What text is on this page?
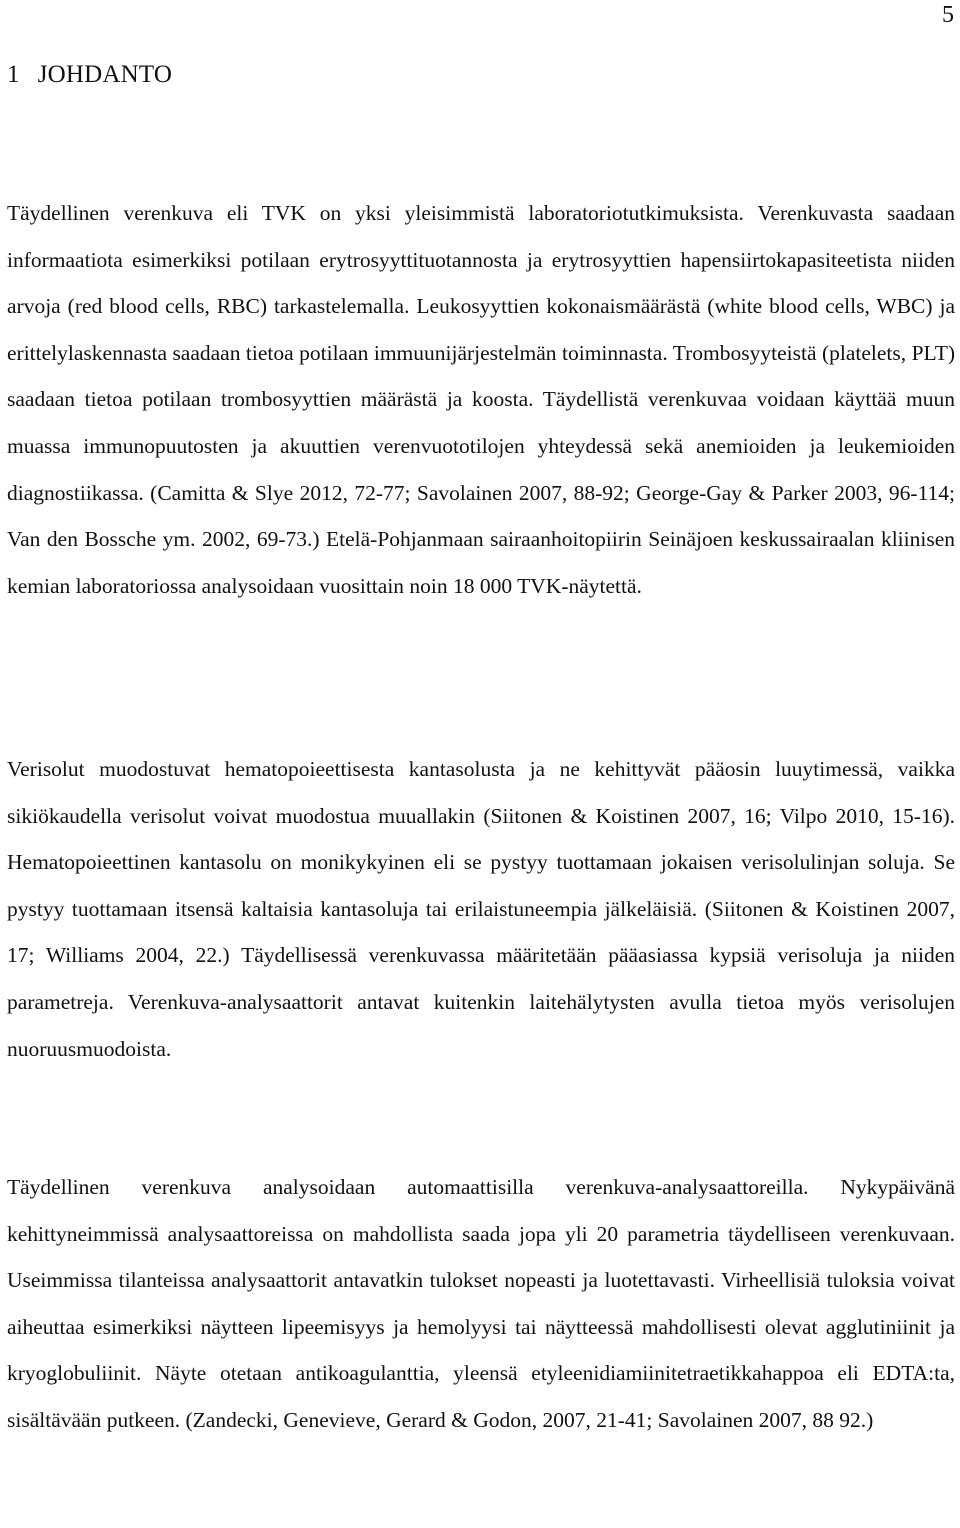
5
1 JOHDANTO

Täydellinen verenkuva eli TVK on yksi yleisimmistä laboratoriotutkimuksista. Verenkuvasta saadaan informaatiota esimerkiksi potilaan erytrosyyttituotannosta ja erytrosyyttien hapensiirtokapasiteetista niiden arvoja (red blood cells, RBC) tarkastelemalla. Leukosyyttien kokonaismäärästä (white blood cells, WBC) ja erittelylaskennasta saadaan tietoa potilaan immuunijärjestelmän toiminnasta. Trombosyyteistä (platelets, PLT) saadaan tietoa potilaan trombosyyttien määrästä ja koosta. Täydellistä verenkuvaa voidaan käyttää muun muassa immunopuutosten ja akuuttien verenvuototilojen yhteydessä sekä anemioiden ja leukemioiden diagnostiikassa. (Camitta & Slye 2012, 72-77; Savolainen 2007, 88-92; George-Gay & Parker 2003, 96-114; Van den Bossche ym. 2002, 69-73.) Etelä-Pohjanmaan sairaanhoitopiirin Seinäjoen keskussairaalan kliinisen kemian laboratoriossa analysoidaan vuosittain noin 18 000 TVK-näytettä.

Verisolut muodostuvat hematopoieettisesta kantasolusta ja ne kehittyvät pääosin luuytimessä, vaikka sikiökaudella verisolut voivat muodostua muuallakin (Siitonen & Koistinen 2007, 16; Vilpo 2010, 15-16). Hematopoieettinen kantasolu on monikykyinen eli se pystyy tuottamaan jokaisen verisolulinjan soluja. Se pystyy tuottamaan itsensä kaltaisia kantasoluja tai erilaistuneempia jälkeläisiä. (Siitonen & Koistinen 2007, 17; Williams 2004, 22.) Täydellisessä verenkuvassa määritetään pääasiassa kypsiä verisoluja ja niiden parametreja. Verenkuva-analysaattorit antavat kuitenkin laitehälytysten avulla tietoa myös verisolujen nuoruusmuodoista.

Täydellinen verenkuva analysoidaan automaattisilla verenkuva-analysaattoreilla. Nykypäivänä kehittyneimmissä analysaattoreissa on mahdollista saada jopa yli 20 parametria täydelliseen verenkuvaan. Useimmissa tilanteissa analysaattorit antavatkin tulokset nopeasti ja luotettavasti. Virheellisiä tuloksia voivat aiheuttaa esimerkiksi näytteen lipeemisyys ja hemolyysi tai näytteessä mahdollisesti olevat agglutiniinit ja kryoglobuliinit. Näyte otetaan antikoagulanttia, yleensä etyleenidiamiinitetraetikkahappoa eli EDTA:ta, sisältävään putkeen. (Zandecki, Genevieve, Gerard & Godon, 2007, 21-41; Savolainen 2007, 88 92.)
